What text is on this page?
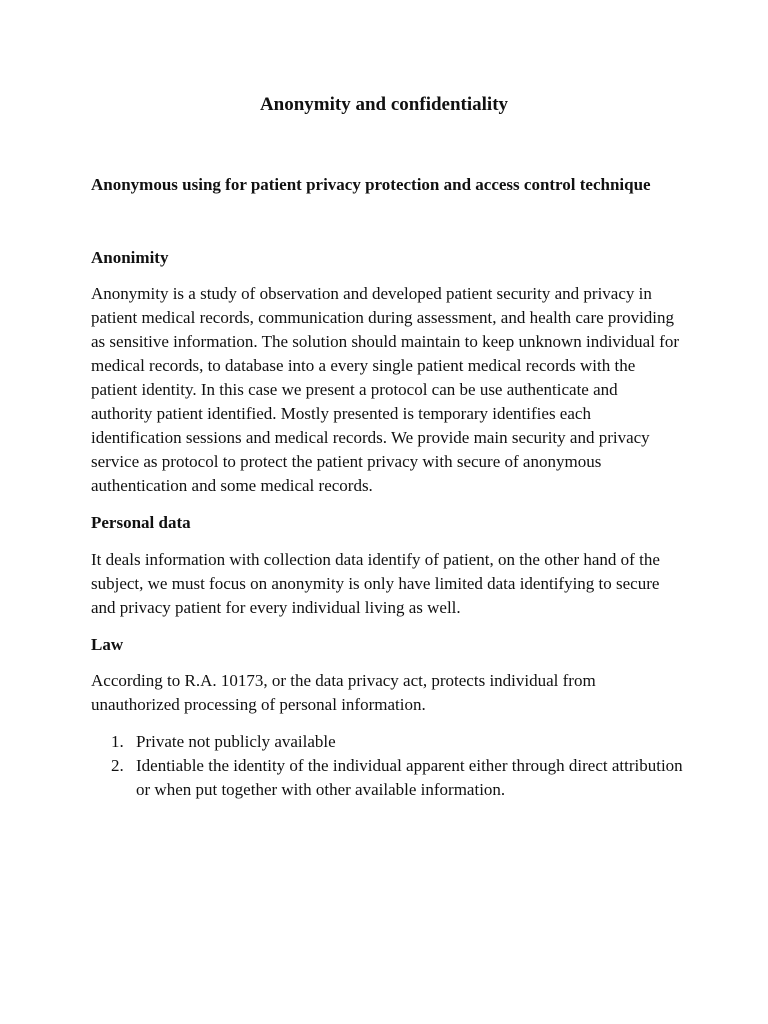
Anonymity and confidentiality
Anonymous using for patient privacy protection and access control technique
Anonimity

Anonymity is a study of observation and developed patient security and privacy in patient medical records, communication during assessment, and health care providing as sensitive information. The solution should maintain to keep unknown individual for medical records, to database into a every single patient medical records with the patient identity. In this case we present a protocol can be use authenticate and authority patient identified. Mostly presented is temporary identifies each identification sessions and medical records. We provide main security and privacy service as protocol to protect the patient privacy with secure of anonymous authentication and some medical records.

Personal data

It deals information with collection data identify of patient, on the other hand of the subject, we must focus on anonymity is only have limited data identifying to secure and privacy patient for every individual living as well.

Law

According to R.A. 10173, or the data privacy act, protects individual from unauthorized processing of personal information.

1. Private not publicly available
2. Identiable the identity of the individual apparent either through direct attribution or when put together with other available information.
